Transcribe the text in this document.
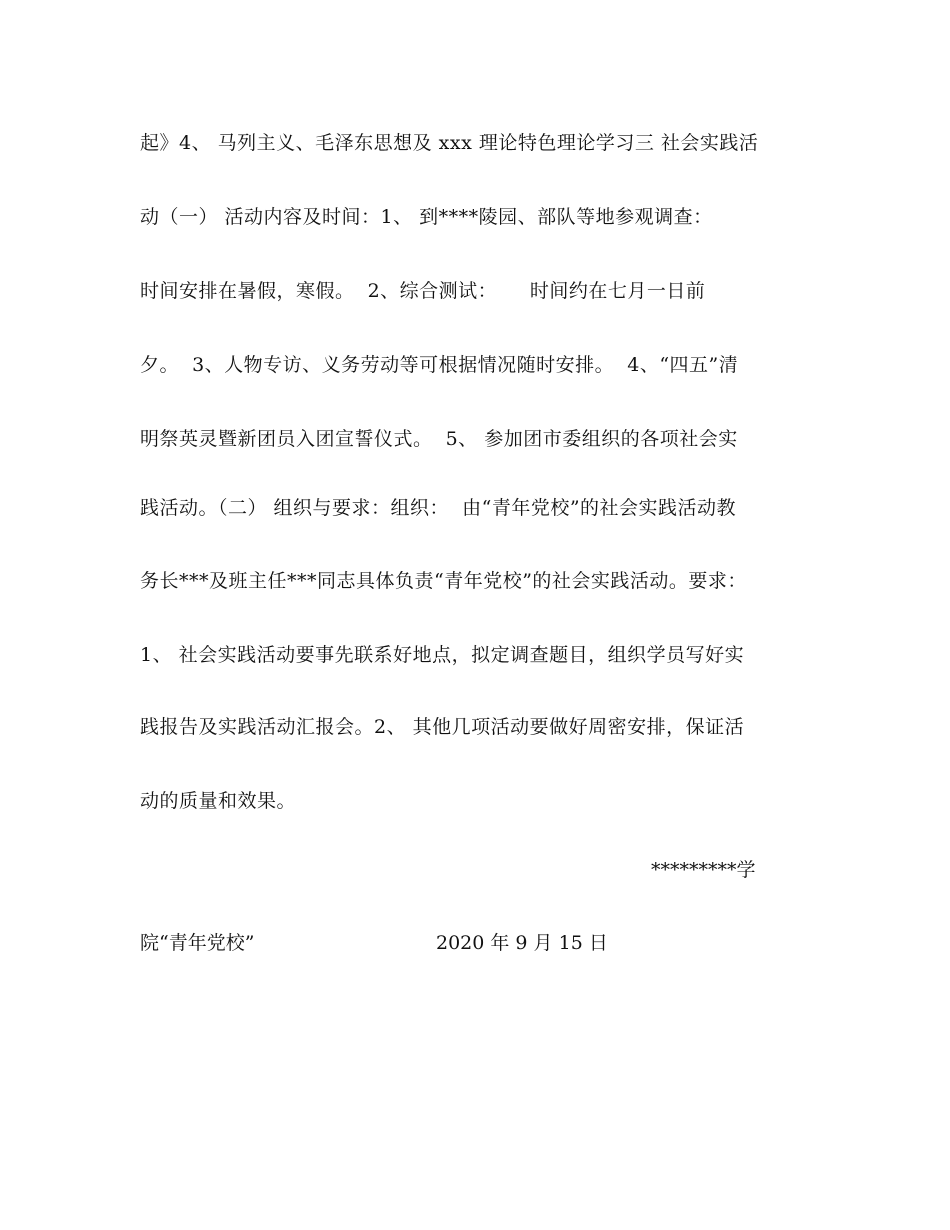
起》4、 马列主义、毛泽东思想及 xxx 理论特色理论学习三 社会实践活
动（一） 活动内容及时间：1、 到****陵园、部队等地参观调查：
时间安排在暑假，寒假。  2、综合测试：     时间约在七月一日前
夕。  3、人物专访、义务劳动等可根据情况随时安排。  4、“四五”清
明祭英灵暨新团员入团宣誓仪式。  5、 参加团市委组织的各项社会实
践活动。（二） 组织与要求：组织：  由“青年党校”的社会实践活动教
务长***及班主任***同志具体负责“青年党校”的社会实践活动。要求：
1、 社会实践活动要事先联系好地点，拟定调查题目，组织学员写好实
践报告及实践活动汇报会。2、 其他几项活动要做好周密安排，保证活
动的质量和效果。
*********学
院“青年党校”	2020 年 9 月 15 日
